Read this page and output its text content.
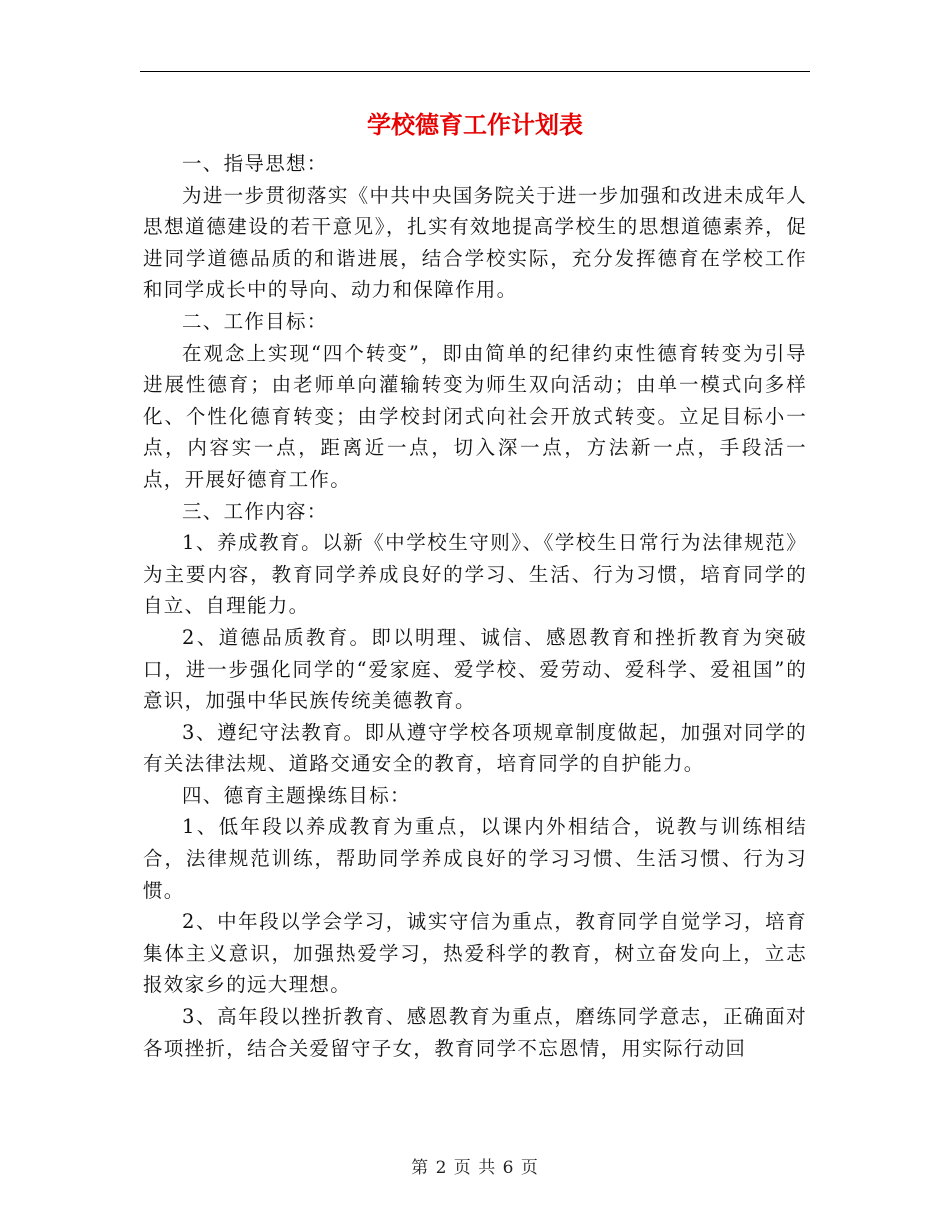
学校德育工作计划表

一、指导思想：

为进一步贯彻落实《中共中央国务院关于进一步加强和改进未成年人思想道德建设的若干意见》，扎实有效地提高学校生的思想道德素养，促进同学道德品质的和谐进展，结合学校实际，充分发挥德育在学校工作和同学成长中的导向、动力和保障作用。

二、工作目标：

在观念上实现“四个转变”，即由简单的纪律约束性德育转变为引导进展性德育；由老师单向灌输转变为师生双向活动；由单一模式向多样化、个性化德育转变；由学校封闭式向社会开放式转变。立足目标小一点，内容实一点，距离近一点，切入深一点，方法新一点，手段活一点，开展好德育工作。

三、工作内容：

1、养成教育。以新《中学校生守则》、《学校生日常行为法律规范》为主要内容，教育同学养成良好的学习、生活、行为习惯，培育同学的自立、自理能力。

2、道德品质教育。即以明理、诚信、感恩教育和挫折教育为突破口，进一步强化同学的“爱家庭、爱学校、爱劳动、爱科学、爱祖国”的意识，加强中华民族传统美德教育。

3、遵纪守法教育。即从遵守学校各项规章制度做起，加强对同学的有关法律法规、道路交通安全的教育，培育同学的自护能力。

四、德育主题操练目标：

1、低年段以养成教育为重点，以课内外相结合，说教与训练相结合，法律规范训练，帮助同学养成良好的学习习惯、生活习惯、行为习惯。

2、中年段以学会学习，诚实守信为重点，教育同学自觉学习，培育集体主义意识，加强热爱学习，热爱科学的教育，树立奋发向上，立志报效家乡的远大理想。

3、高年段以挫折教育、感恩教育为重点，磨练同学意志，正确面对各项挫折，结合关爱留守子女，教育同学不忘恩情，用实际行动回

第 2 页 共 6 页
